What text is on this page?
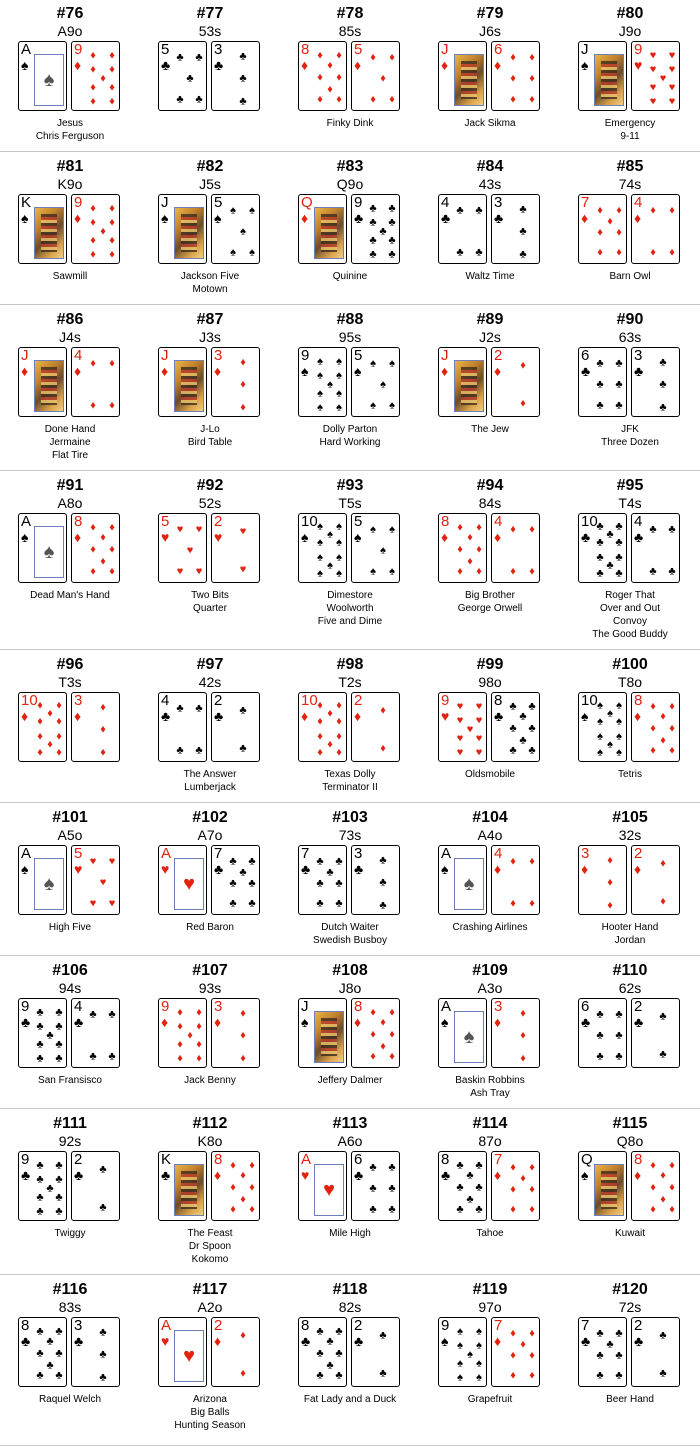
#76
A9o
A
♠
♠
9
♦
♦ ♦
♦ ♦
♦
♦ ♦
♦ ♦
Jesus
Chris Ferguson
#77
53s
5
♣ ♣ ♣
♣
♣ ♣
3
♣
♣
♣
♣
#78
85s
8
♦
♦ ♦
♦
♦ ♦
♦
♦ ♦
5
♦ ♦ ♦
♦
♦ ♦
Finky Dink
#79
J6s
J
♦
6
♦ ♦ ♦
♦ ♦
♦ ♦
Jack Sikma
#80
J9o
J
♠
9
♥
♥ ♥
♥ ♥
♥
♥ ♥
♥ ♥
Emergency
9-11
#81
K9o
K
♠
9
♦
♦ ♦
♦ ♦
♦
♦ ♦
♦ ♦
Sawmill
#82
J5s
J
♠
5
♠ ♠ ♠
♠
♠ ♠
Jackson Five
Motown
#83
Q9o
Q
♦
9
♣
♣ ♣
♣ ♣
♣
♣ ♣
♣ ♣
Quinine
#84
43s
4
♣ ♣ ♣
♣ ♣
3
♣
♣
♣
♣
Waltz Time
#85
74s
7
♦ ♦ ♦
♦
♦ ♦
♦ ♦
4
♦ ♦ ♦
♦ ♦
Barn Owl
#86
J4s
J
♦
4
♦ ♦ ♦
♦ ♦
Done Hand
Jermaine
Flat Tire
#87
J3s
J
♦
3
♦
♦
♦
♦
J-Lo
Bird Table
#88
95s
9
♠
♠ ♠
♠ ♠
♠
♠ ♠
♠ ♠
5
♠ ♠ ♠
♠
♠ ♠
Dolly Parton
Hard Working
#89
J2s
J
♦
2
♦ ♦
♦
The Jew
#90
63s
6
♣ ♣ ♣
♣ ♣
♣ ♣
3
♣
♣
♣
♣
JFK
Three Dozen
#91
A8o
A
♠
♠
8
♦
♦ ♦
♦
♦ ♦
♦
♦ ♦
Dead Man's Hand
#92
52s
5
♥ ♥ ♥
♥
♥ ♥
2
♥ ♥
♥
Two Bits
Quarter
#93
T5s
10
♠
♠ ♠
♠
♠ ♠
♠ ♠
♠
♠ ♠
5
♠ ♠ ♠
♠
♠ ♠
Dimestore
Woolworth
Five and Dime
#94
84s
8
♦
♦ ♦
♦
♦ ♦
♦
♦ ♦
4
♦ ♦ ♦
♦ ♦
Big Brother
George Orwell
#95
T4s
10
♣
♣ ♣
♣
♣ ♣
♣ ♣
♣
♣ ♣
4
♣ ♣ ♣
♣ ♣
Roger That
Over and Out
Convoy
The Good Buddy
#96
T3s
10
♦
♦ ♦
♦
♦ ♦
♦ ♦
♦
♦ ♦
3
♦
♦
♦
♦
#97
42s
4
♣ ♣ ♣
♣ ♣
2
♣ ♣
♣
The Answer
Lumberjack
#98
T2s
10
♦
♦ ♦
♦
♦ ♦
♦ ♦
♦
♦ ♦
2
♦ ♦
♦
Texas Dolly
Terminator II
#99
98o
9
♥
♥ ♥
♥ ♥
♥
♥ ♥
♥ ♥
8
♣
♣ ♣
♣
♣ ♣
♣
♣ ♣
Oldsmobile
#100
T8o
10
♠
♠ ♠
♠
♠ ♠
♠ ♠
♠
♠ ♠
8
♦
♦ ♦
♦
♦ ♦
♦
♦ ♦
Tetris
#101
A5o
A
♠
♠
5
♥ ♥ ♥
♥
♥ ♥
High Five
#102
A7o
A
♥
♥
7
♣ ♣ ♣
♣
♣ ♣
♣ ♣
Red Baron
#103
73s
7
♣ ♣ ♣
♣
♣ ♣
♣ ♣
3
♣
♣
♣
♣
Dutch Waiter
Swedish Busboy
#104
A4o
A
♠
♠
4
♦ ♦ ♦
♦ ♦
Crashing Airlines
#105
32s
3
♦
♦
♦
♦
2
♦ ♦
♦
Hooter Hand
Jordan
#106
94s
9
♣
♣ ♣
♣ ♣
♣
♣ ♣
♣ ♣
4
♣ ♣ ♣
♣ ♣
San Fransisco
#107
93s
9
♦
♦ ♦
♦ ♦
♦
♦ ♦
♦ ♦
3
♦
♦
♦
♦
Jack Benny
#108
J8o
J
♠
8
♦
♦ ♦
♦
♦ ♦
♦
♦ ♦
Jeffery Dalmer
#109
A3o
A
♠
♠
3
♦
♦
♦
♦
Baskin Robbins
Ash Tray
#110
62s
6
♣ ♣ ♣
♣ ♣
♣ ♣
2
♣ ♣
♣
#111
92s
9
♣
♣ ♣
♣ ♣
♣
♣ ♣
♣ ♣
2
♣ ♣
♣
Twiggy
#112
K8o
K
♣
8
♦
♦ ♦
♦
♦ ♦
♦
♦ ♦
The Feast
Dr Spoon
Kokomo
#113
A6o
A
♥
♥
6
♣ ♣ ♣
♣ ♣
♣ ♣
Mile High
#114
87o
8
♣
♣ ♣
♣
♣ ♣
♣
♣ ♣
7
♦ ♦ ♦
♦
♦ ♦
♦ ♦
Tahoe
#115
Q8o
Q
♠
8
♦
♦ ♦
♦
♦ ♦
♦
♦ ♦
Kuwait
#116
83s
8
♣
♣ ♣
♣
♣ ♣
♣
♣ ♣
3
♣
♣
♣
♣
Raquel Welch
#117
A2o
A
♥
♥
2
♦ ♦
♦
Arizona
Big Balls
Hunting Season
#118
82s
8
♣
♣ ♣
♣
♣ ♣
♣
♣ ♣
2
♣ ♣
♣
Fat Lady and a Duck
#119
97o
9
♠
♠ ♠
♠ ♠
♠
♠ ♠
♠ ♠
7
♦ ♦ ♦
♦
♦ ♦
♦ ♦
Grapefruit
#120
72s
7
♣ ♣ ♣
♣
♣ ♣
♣ ♣
2
♣ ♣
♣
Beer Hand
